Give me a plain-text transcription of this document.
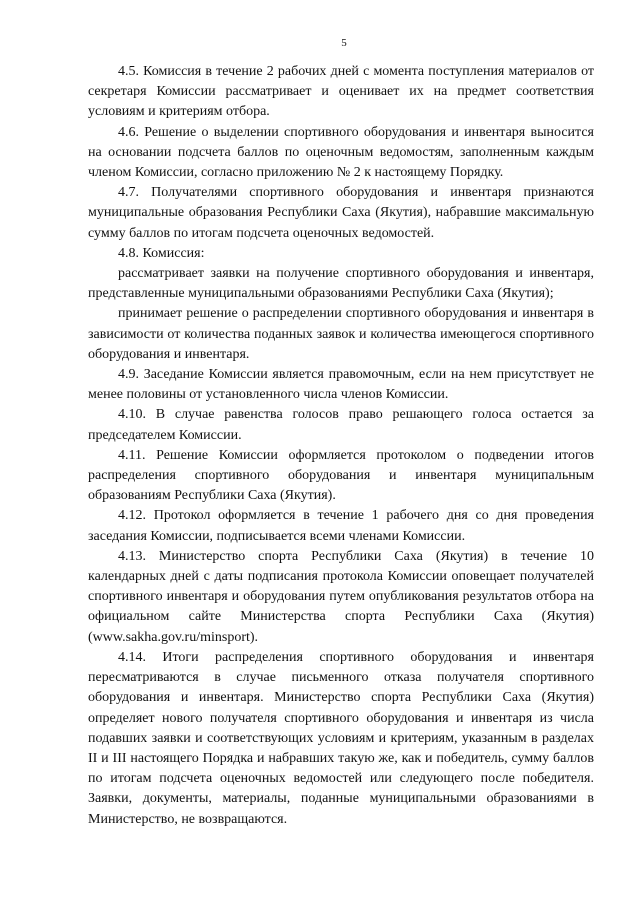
5

4.5. Комиссия в течение 2 рабочих дней с момента поступления материалов от секретаря Комиссии рассматривает и оценивает их на предмет соответствия условиям и критериям отбора.

4.6. Решение о выделении спортивного оборудования и инвентаря выносится на основании подсчета баллов по оценочным ведомостям, заполненным каждым членом Комиссии, согласно приложению № 2 к настоящему Порядку.

4.7. Получателями спортивного оборудования и инвентаря признаются муниципальные образования Республики Саха (Якутия), набравшие максимальную сумму баллов по итогам подсчета оценочных ведомостей.

4.8. Комиссия:

рассматривает заявки на получение спортивного оборудования и инвентаря, представленные муниципальными образованиями Республики Саха (Якутия);

принимает решение о распределении спортивного оборудования и инвентаря в зависимости от количества поданных заявок и количества имеющегося спортивного оборудования и инвентаря.

4.9. Заседание Комиссии является правомочным, если на нем присутствует не менее половины от установленного числа членов Комиссии.

4.10. В случае равенства голосов право решающего голоса остается за председателем Комиссии.

4.11. Решение Комиссии оформляется протоколом о подведении итогов распределения спортивного оборудования и инвентаря муниципальным образованиям Республики Саха (Якутия).

4.12. Протокол оформляется в течение 1 рабочего дня со дня проведения заседания Комиссии, подписывается всеми членами Комиссии.

4.13. Министерство спорта Республики Саха (Якутия) в течение 10 календарных дней с даты подписания протокола Комиссии оповещает получателей спортивного инвентаря и оборудования путем опубликования результатов отбора на официальном сайте Министерства спорта Республики Саха (Якутия) (www.sakha.gov.ru/minsport).

4.14. Итоги распределения спортивного оборудования и инвентаря пересматриваются в случае письменного отказа получателя спортивного оборудования и инвентаря. Министерство спорта Республики Саха (Якутия) определяет нового получателя спортивного оборудования и инвентаря из числа подавших заявки и соответствующих условиям и критериям, указанным в разделах II и III настоящего Порядка и набравших такую же, как и победитель, сумму баллов по итогам подсчета оценочных ведомостей или следующего после победителя. Заявки, документы, материалы, поданные муниципальными образованиями в Министерство, не возвращаются.
